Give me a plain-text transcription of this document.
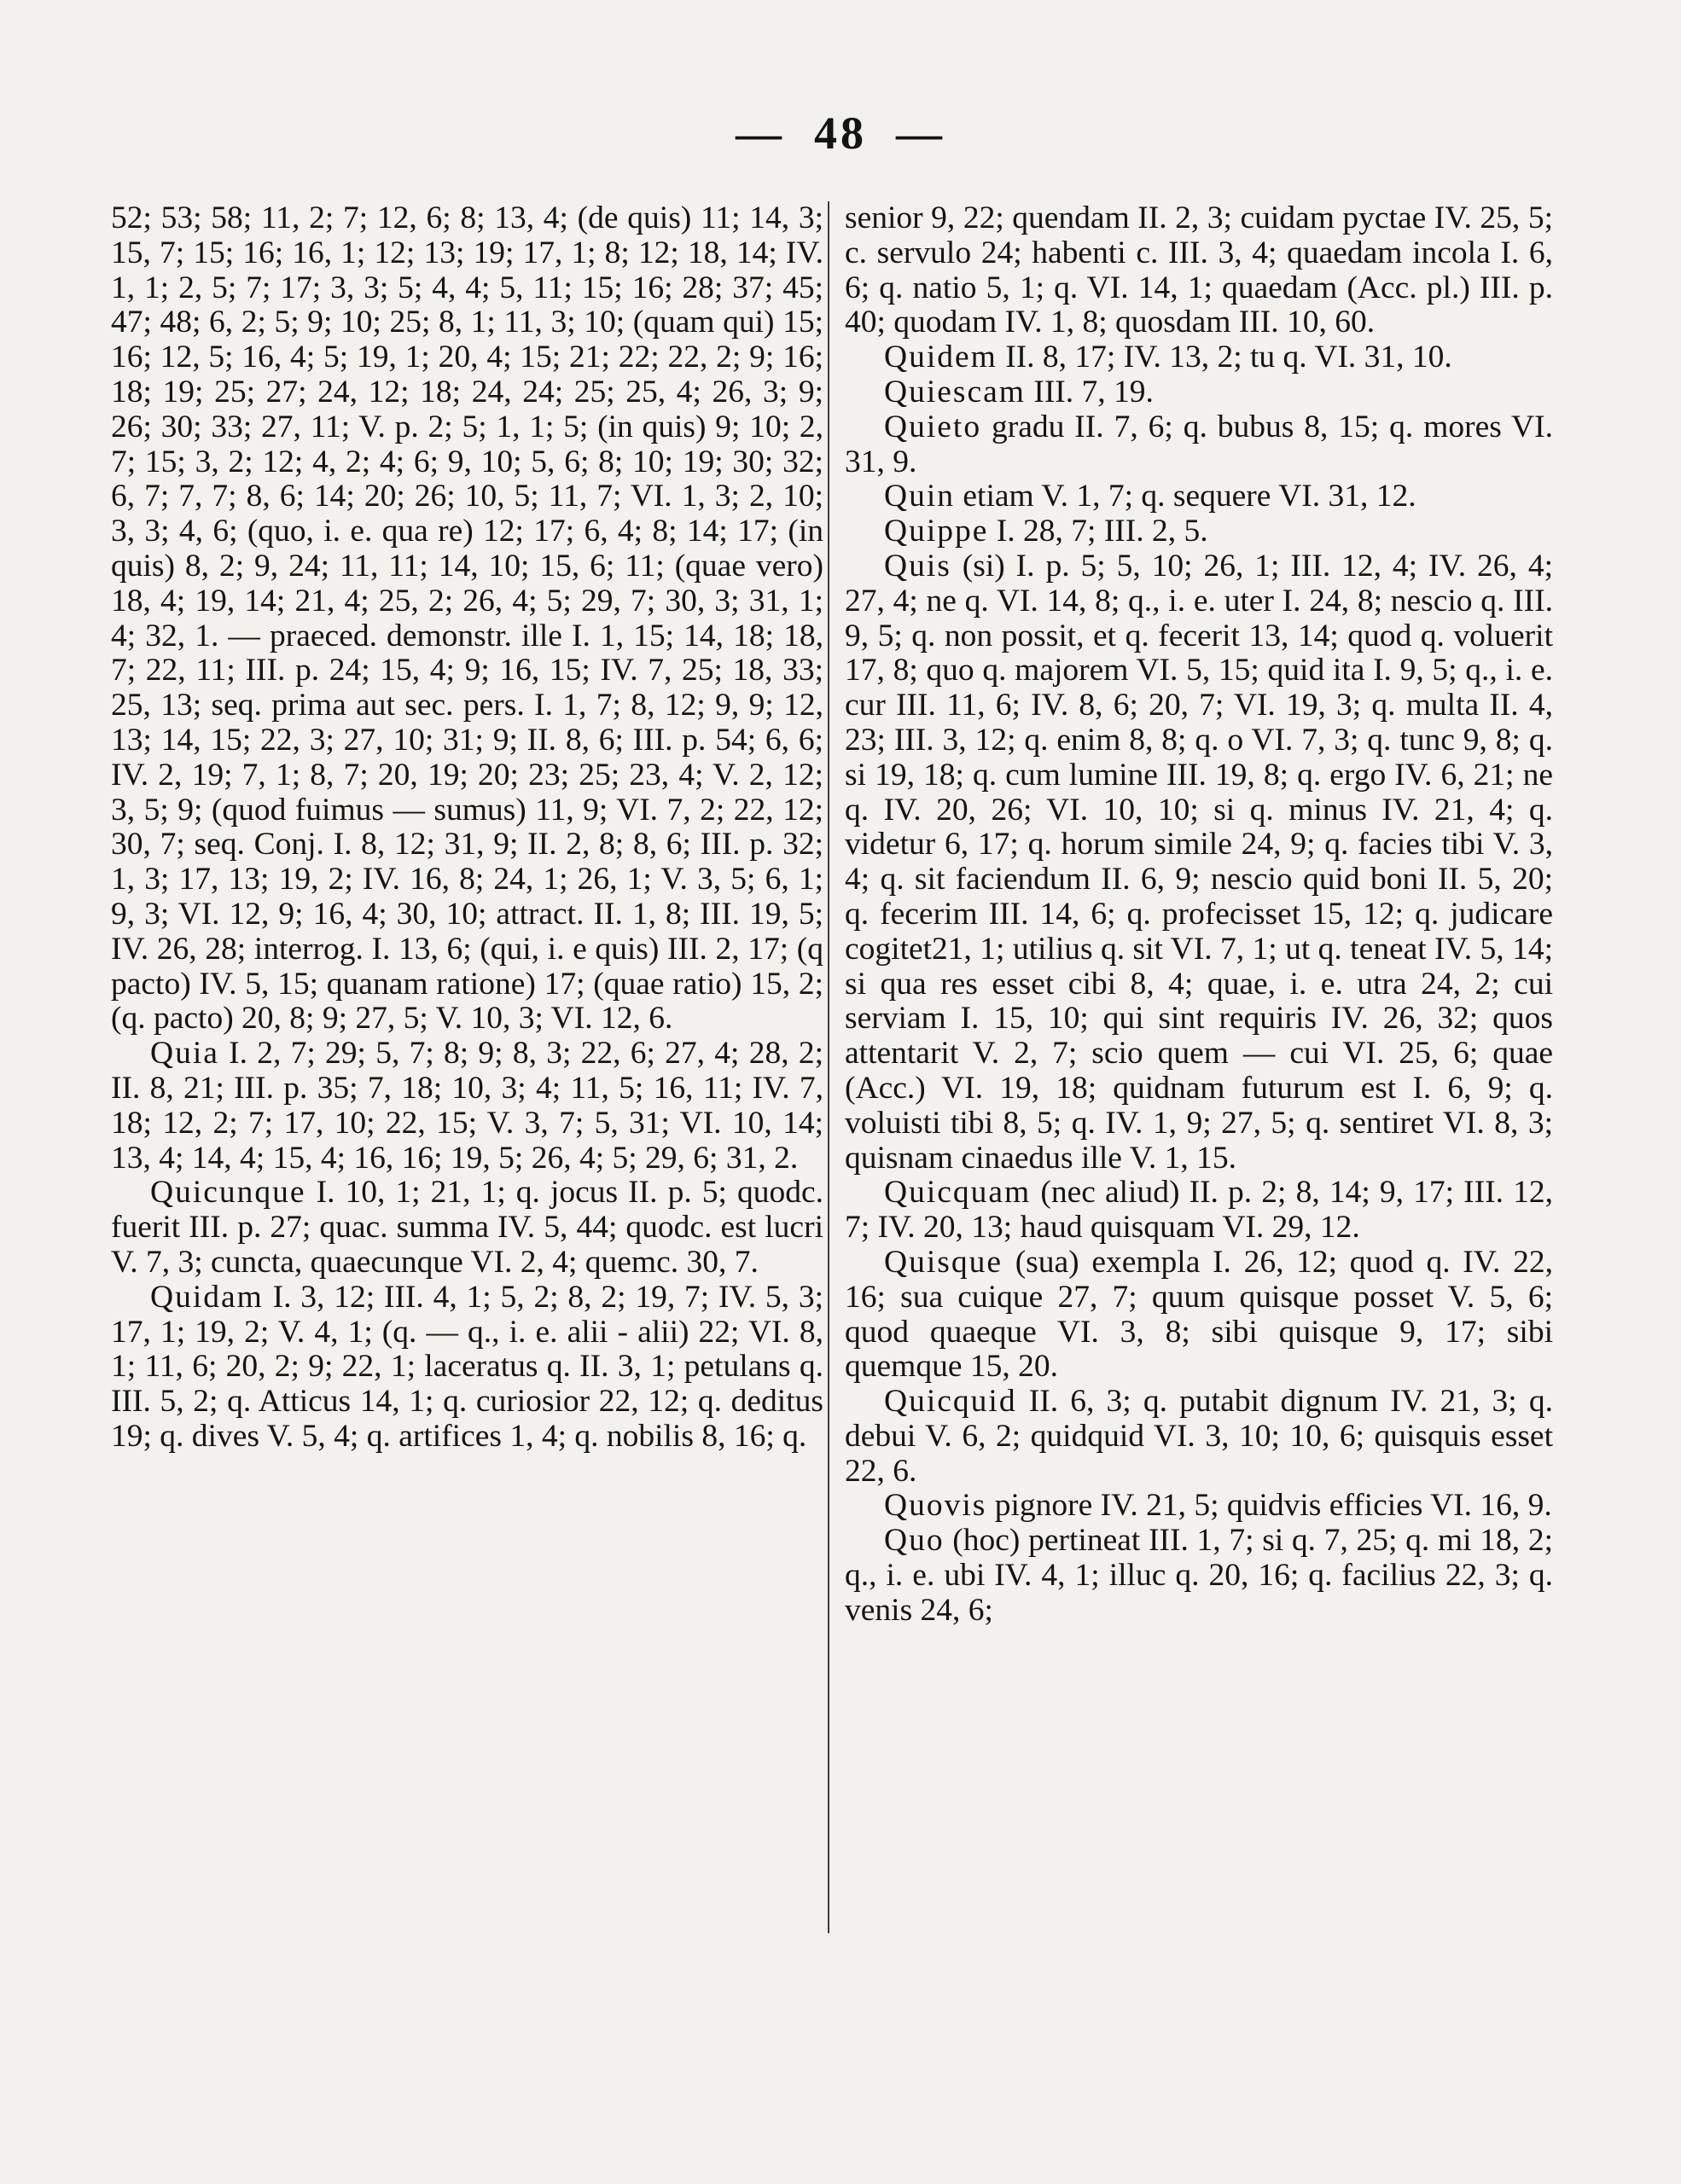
— 48 —

52; 53; 58; 11, 2; 7; 12, 6; 8; 13, 4; (de quis) 11; 14, 3; 15, 7; 15; 16; 16, 1; 12; 13; 19; 17, 1; 8; 12; 18, 14; IV. 1, 1; 2, 5; 7; 17; 3, 3; 5; 4, 4; 5, 11; 15; 16; 28; 37; 45; 47; 48; 6, 2; 5; 9; 10; 25; 8, 1; 11, 3; 10; (quam qui) 15; 16; 12, 5; 16, 4; 5; 19, 1; 20, 4; 15; 21; 22; 22, 2; 9; 16; 18; 19; 25; 27; 24, 12; 18; 24, 24; 25; 25, 4; 26, 3; 9; 26; 30; 33; 27, 11; V. p. 2; 5; 1, 1; 5; (in quis) 9; 10; 2, 7; 15; 3, 2; 12; 4, 2; 4; 6; 9, 10; 5, 6; 8; 10; 19; 30; 32; 6, 7; 7, 7; 8, 6; 14; 20; 26; 10, 5; 11, 7; VI. 1, 3; 2, 10; 3, 3; 4, 6; (quo, i. e. qua re) 12; 17; 6, 4; 8; 14; 17; (in quis) 8, 2; 9, 24; 11, 11; 14, 10; 15, 6; 11; (quae vero) 18, 4; 19, 14; 21, 4; 25, 2; 26, 4; 5; 29, 7; 30, 3; 31, 1; 4; 32, 1. — praeced. demonstr. ille I. 1, 15; 14, 18; 18, 7; 22, 11; III. p. 24; 15, 4; 9; 16, 15; IV. 7, 25; 18, 33; 25, 13; seq. prima aut sec. pers. I. 1, 7; 8, 12; 9, 9; 12, 13; 14, 15; 22, 3; 27, 10; 31; 9; II. 8, 6; III. p. 54; 6, 6; IV. 2, 19; 7, 1; 8, 7; 20, 19; 20; 23; 25; 23, 4; V. 2, 12; 3, 5; 9; (quod fuimus — sumus) 11, 9; VI. 7, 2; 22, 12; 30, 7; seq. Conj. I. 8, 12; 31, 9; II. 2, 8; 8, 6; III. p. 32; 1, 3; 17, 13; 19, 2; IV. 16, 8; 24, 1; 26, 1; V. 3, 5; 6, 1; 9, 3; VI. 12, 9; 16, 4; 30, 10; attract. II. 1, 8; III. 19, 5; IV. 26, 28; interrog. I. 13, 6; (qui, i. e quis) III. 2, 17; (q pacto) IV. 5, 15; quanam ratione) 17; (quae ratio) 15, 2; (q. pacto) 20, 8; 9; 27, 5; V. 10, 3; VI. 12, 6.

Quia I. 2, 7; 29; 5, 7; 8; 9; 8, 3; 22, 6; 27, 4; 28, 2; II. 8, 21; III. p. 35; 7, 18; 10, 3; 4; 11, 5; 16, 11; IV. 7, 18; 12, 2; 7; 17, 10; 22, 15; V. 3, 7; 5, 31; VI. 10, 14; 13, 4; 14, 4; 15, 4; 16, 16; 19, 5; 26, 4; 5; 29, 6; 31, 2.

Quicunque I. 10, 1; 21, 1; q. jocus II. p. 5; quodc. fuerit III. p. 27; quac. summa IV. 5, 44; quodc. est lucri V. 7, 3; cuncta, quaecunque VI. 2, 4; quemc. 30, 7.

Quidam I. 3, 12; III. 4, 1; 5, 2; 8, 2; 19, 7; IV. 5, 3; 17, 1; 19, 2; V. 4, 1; (q. — q., i. e. alii - alii) 22; VI. 8, 1; 11, 6; 20, 2; 9; 22, 1; laceratus q. II. 3, 1; petulans q. III. 5, 2; q. Atticus 14, 1; q. curiosior 22, 12; q. deditus 19; q. dives V. 5, 4; q. artifices 1, 4; q. nobilis 8, 16; q.

senior 9, 22; quendam II. 2, 3; cuidam pyctae IV. 25, 5; c. servulo 24; habenti c. III. 3, 4; quaedam incola I. 6, 6; q. natio 5, 1; q. VI. 14, 1; quaedam (Acc. pl.) III. p. 40; quodam IV. 1, 8; quosdam III. 10, 60.

Quidem II. 8, 17; IV. 13, 2; tu q. VI. 31, 10.

Quiescam III. 7, 19.

Quieto gradu II. 7, 6; q. bubus 8, 15; q. mores VI. 31, 9.

Quin etiam V. 1, 7; q. sequere VI. 31, 12.

Quippe I. 28, 7; III. 2, 5.

Quis (si) I. p. 5; 5, 10; 26, 1; III. 12, 4; IV. 26, 4; 27, 4; ne q. VI. 14, 8; q., i. e. uter I. 24, 8; nescio q. III. 9, 5; q. non possit, et q. fecerit 13, 14; quod q. voluerit 17, 8; quo q. majorem VI. 5, 15; quid ita I. 9, 5; q., i. e. cur III. 11, 6; IV. 8, 6; 20, 7; VI. 19, 3; q. multa II. 4, 23; III. 3, 12; q. enim 8, 8; q. o VI. 7, 3; q. tunc 9, 8; q. si 19, 18; q. cum lumine III. 19, 8; q. ergo IV. 6, 21; ne q. IV. 20, 26; VI. 10, 10; si q. minus IV. 21, 4; q. videtur 6, 17; q. horum simile 24, 9; q. facies tibi V. 3, 4; q. sit faciendum II. 6, 9; nescio quid boni II. 5, 20; q. fecerim III. 14, 6; q. profecisset 15, 12; q. judicare cogitet21, 1; utilius q. sit VI. 7, 1; ut q. teneat IV. 5, 14; si qua res esset cibi 8, 4; quae, i. e. utra 24, 2; cui serviam I. 15, 10; qui sint requiris IV. 26, 32; quos attentarit V. 2, 7; scio quem — cui VI. 25, 6; quae (Acc.) VI. 19, 18; quidnam futurum est I. 6, 9; q. voluisti tibi 8, 5; q. IV. 1, 9; 27, 5; q. sentiret VI. 8, 3; quisnam cinaedus ille V. 1, 15.

Quicquam (nec aliud) II. p. 2; 8, 14; 9, 17; III. 12, 7; IV. 20, 13; haud quisquam VI. 29, 12.

Quisque (sua) exempla I. 26, 12; quod q. IV. 22, 16; sua cuique 27, 7; quum quisque posset V. 5, 6; quod quaeque VI. 3, 8; sibi quisque 9, 17; sibi quemque 15, 20.

Quicquid II. 6, 3; q. putabit dignum IV. 21, 3; q. debui V. 6, 2; quidquid VI. 3, 10; 10, 6; quisquis esset 22, 6.

Quovis pignore IV. 21, 5; quidvis efficies VI. 16, 9.

Quo (hoc) pertineat III. 1, 7; si q. 7, 25; q. mi 18, 2; q., i. e. ubi IV. 4, 1; illuc q. 20, 16; q. facilius 22, 3; q. venis 24, 6;
